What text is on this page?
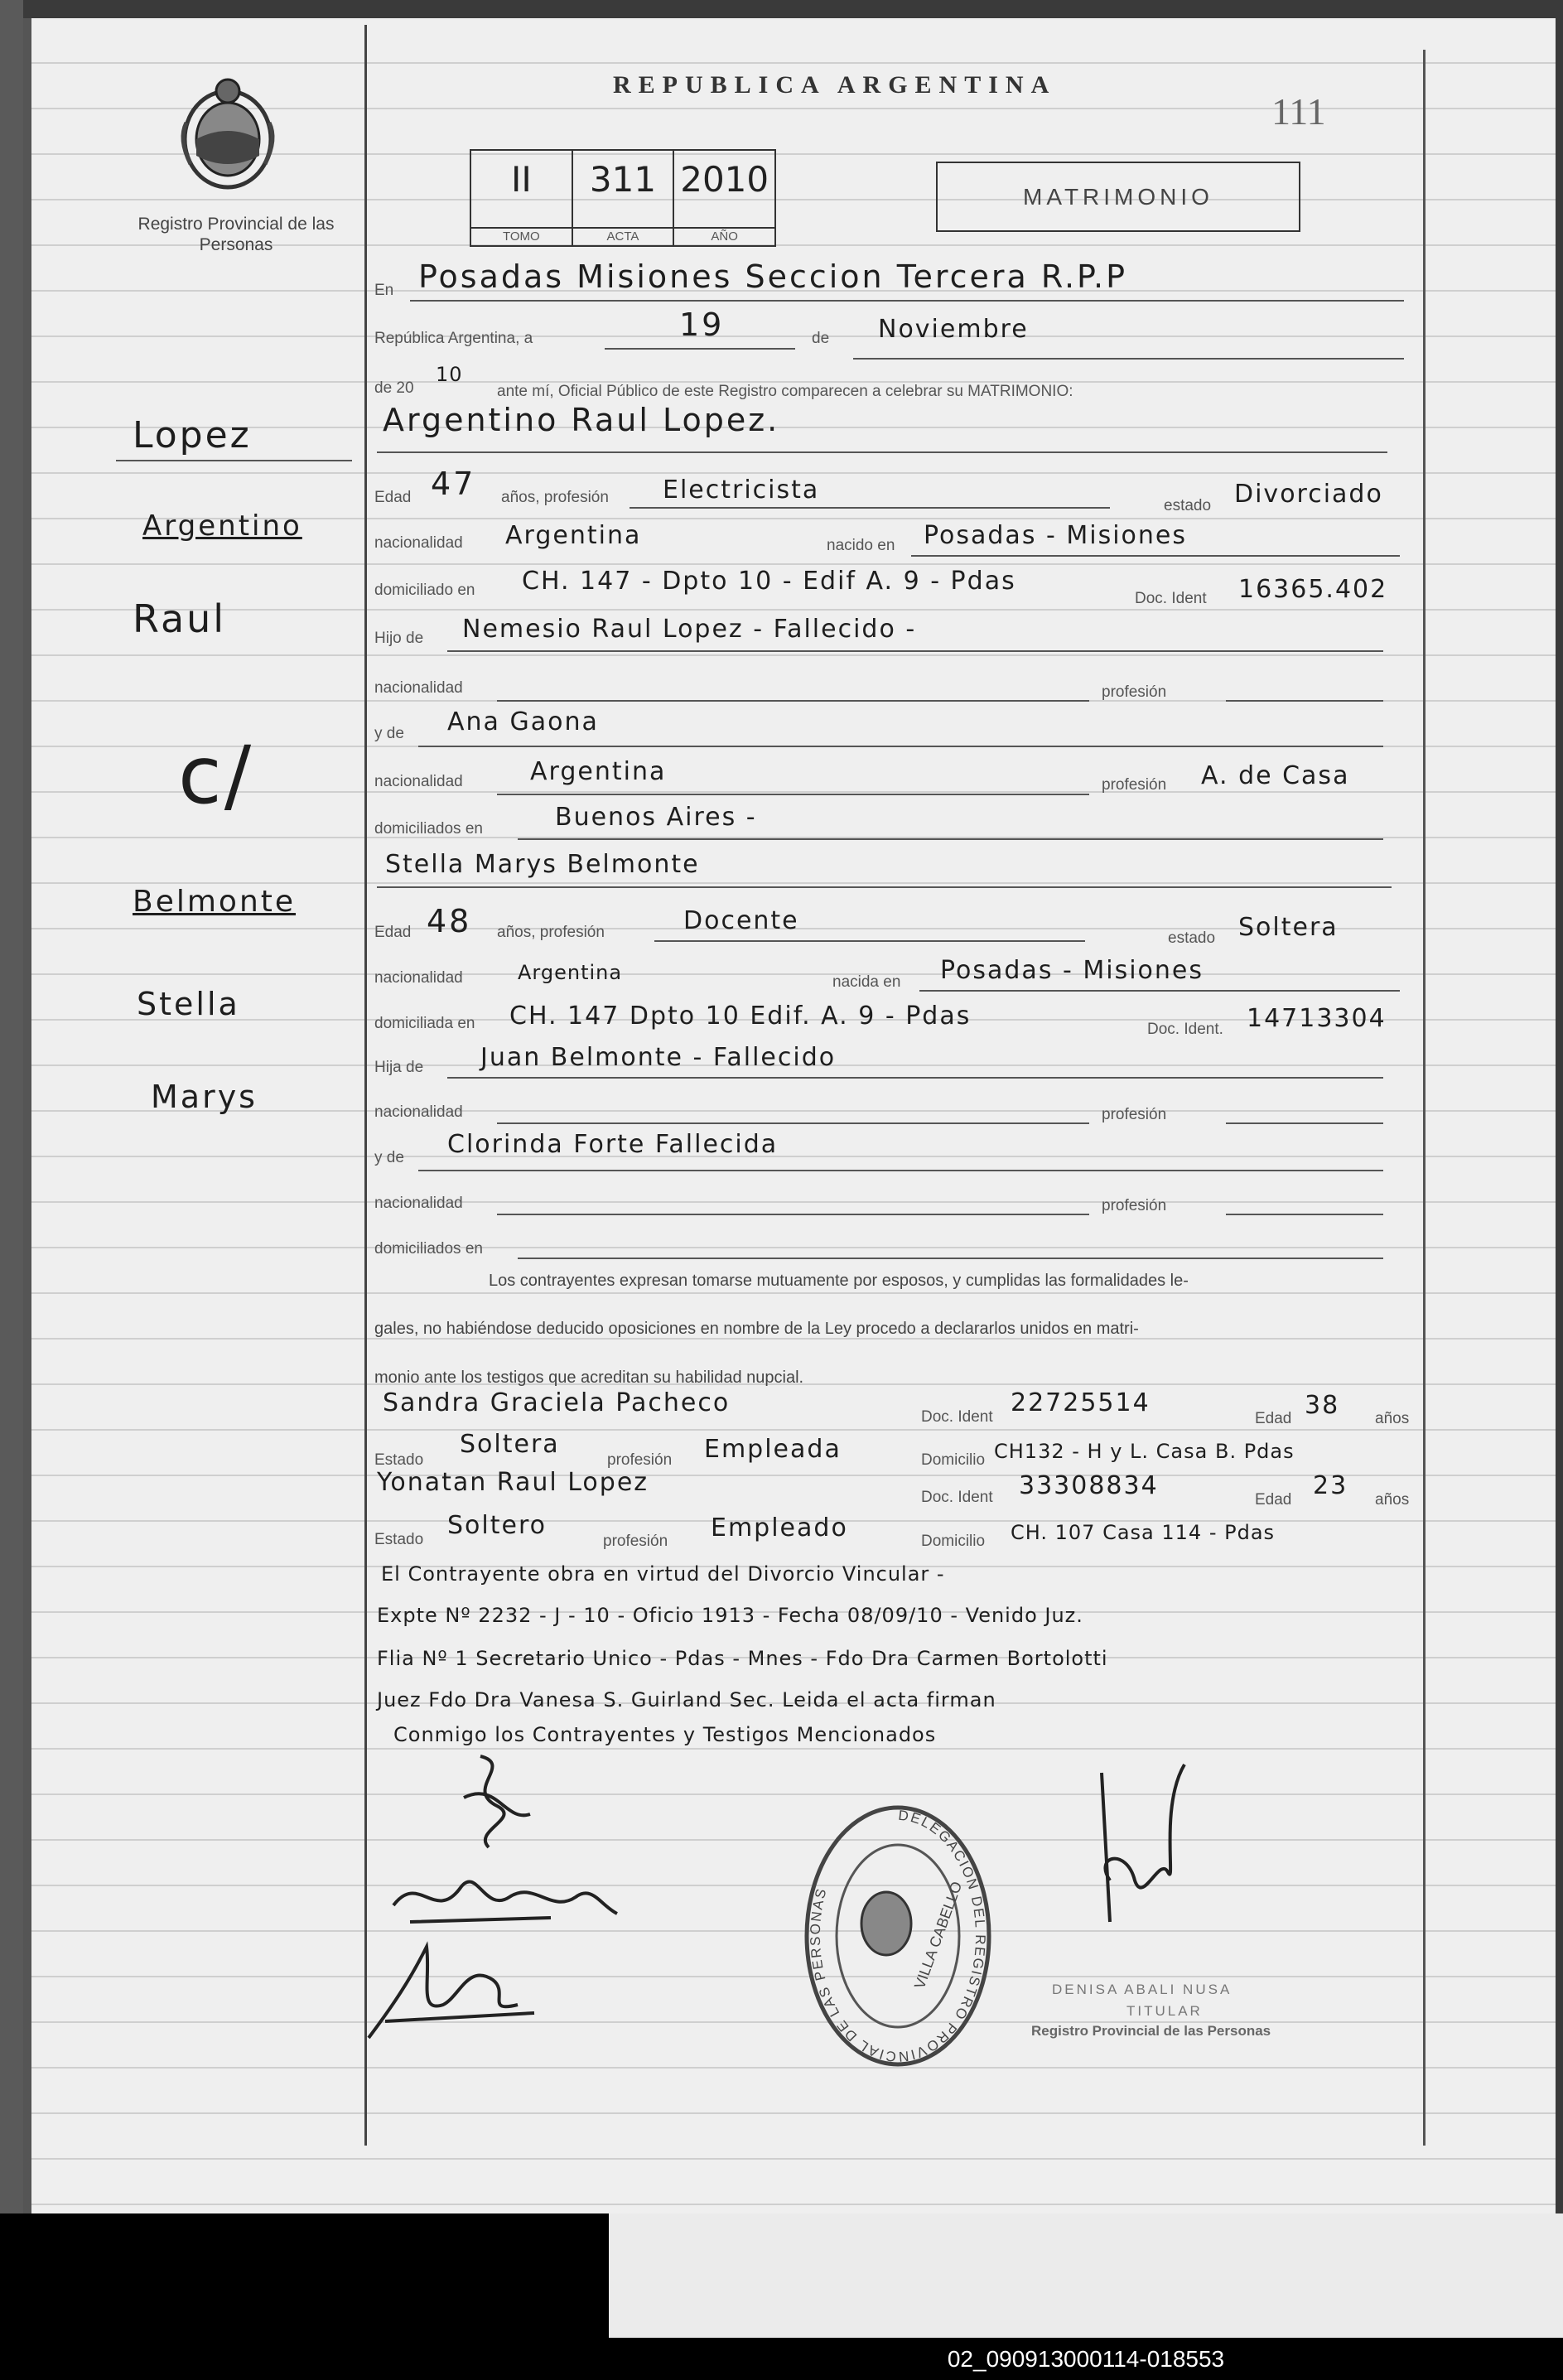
Registro Provincial de las Personas
REPUBLICA ARGENTINA
111
II
TOMO
311
ACTA
2010
AÑO
MATRIMONIO
En Posadas Misiones Seccion Tercera R.P.P
República Argentina, a	19	de Noviembre
de 20
10
ante mí, Oficial Público de este Registro comparecen a celebrar su MATRIMONIO:
Argentino Raul Lopez.
Edad 47 años, profesión Electricista
estado Divorciado
nacionalidad Argentina	nacido en Posadas - Misiones
domiciliado en CH. 147 - Dpto 10 - Edif A. 9 - Pdas
Doc. Ident 16365.402
Hijo de Nemesio Raul Lopez - Fallecido -
nacionalidad	profesión
y de Ana Gaona
nacionalidad	Argentina	profesión A. de Casa
domiciliados en	Buenos Aires -
Stella Marys Belmonte
Edad 48 años, profesión	Docente
estado Soltera
nacionalidad	Argentina	nacida en Posadas - Misiones
domiciliada en CH. 147 Dpto 10 Edif. A. 9 - Pdas	Doc. Ident. 14713304
Hija de Juan Belmonte - Fallecido
nacionalidad	profesión
y de Clorinda Forte Fallecida
nacionalidad	profesión
domiciliados en
Los contrayentes expresan tomarse mutuamente por esposos, y cumplidas las formalidades le-
gales, no habiéndose deducido oposiciones en nombre de la Ley procedo a declararlos unidos en matri-
monio ante los testigos que acreditan su habilidad nupcial.
Sandra Graciela Pacheco	Doc. Ident 22725514
Edad 38 años
Estado
Soltera
profesión Empleada	Domicilio CH132 - H y L. Casa B. Pdas
Yonatan Raul Lopez
Doc. Ident 33308834	Edad 23 años
Estado Soltero
profesión Empleado	Domicilio CH. 107 Casa 114 - Pdas
El Contrayente obra en virtud del Divorcio Vincular -
Expte Nº 2232 - J - 10 - Oficio 1913 - Fecha 08/09/10 - Venido Juz.
Flia Nº 1 Secretario Unico - Pdas - Mnes - Fdo Dra Carmen Bortolotti
Juez Fdo Dra Vanesa S. Guirland Sec. Leida el acta firman
Conmigo los Contrayentes y Testigos Mencionados
Lopez
Argentino
Raul
c/
Belmonte
Stella
Marys
DELEGACION DEL REGISTRO PROVINCIAL DE LAS PERSONAS	VILLA CABELLO	DENISA ABALI NUSA
TITULAR
Registro Provincial de las Personas
02_090913000114-018553
